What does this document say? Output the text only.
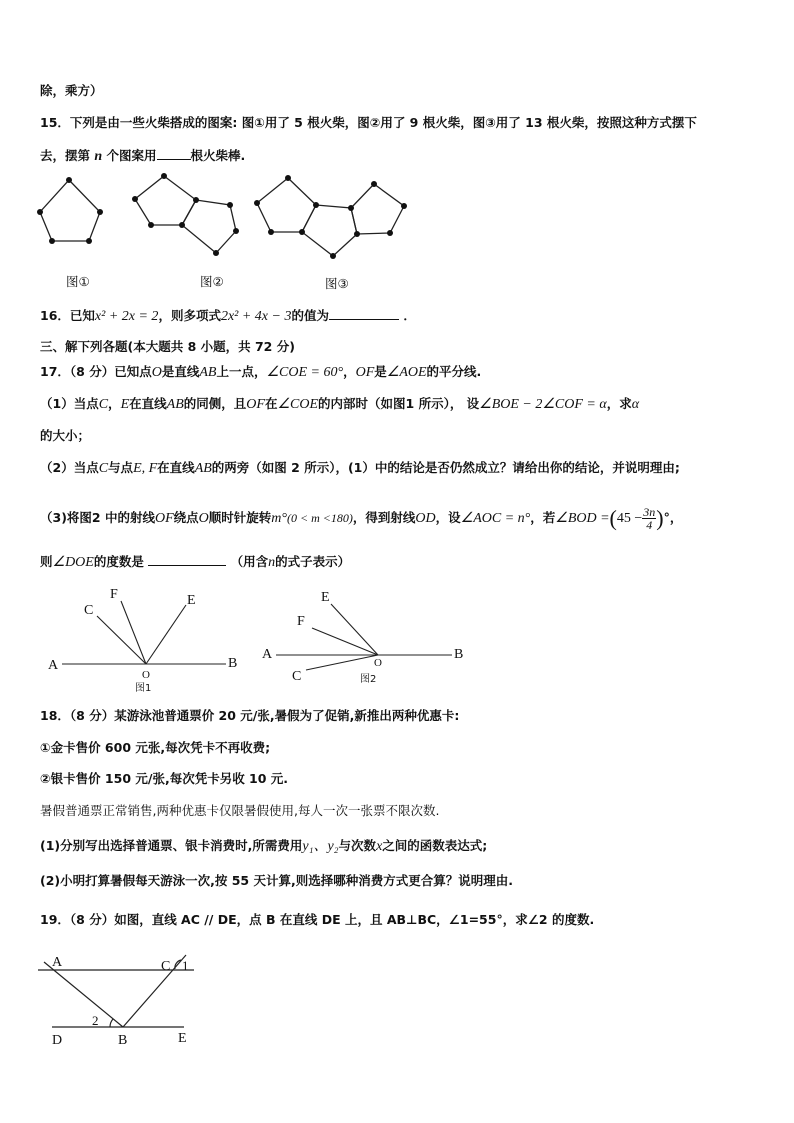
除，乘方）
15．下列是由一些火柴搭成的图案: 图①用了 5 根火柴，图②用了 9 根火柴，图③用了 13 根火柴，按照这种方式摆下
去，摆第 n 个图案用	根火柴棒.
图①	图②	图③
16．已知x² + 2x = 2，则多项式2x² + 4x − 3的值为	．
三、解下列各题(本大题共 8 小题，共 72 分)
17．（8 分）已知点O是直线AB上一点，∠COE = 60°，OF是∠AOE的平分线.
（1）当点C，E在直线AB的同侧，且OF在∠COE的内部时（如图1 所示）， 设∠BOE − 2∠COF = α，求α
的大小；
（2）当点C与点E, F在直线AB的两旁（如图 2 所示），(1）中的结论是否仍然成立？请给出你的结论，并说明理由;
（3)将图2 中的射线OF绕点O顺时针旋转m°(0 < m <180)，得到射线OD，设∠AOC = n°，若∠BOD $=(45 - \frac{3n}{4}$ )°，
则∠DOE的度数是	（用含n的式子表示）
A	B
C
F	E
O
图1
A	B
C
F
E
O
图2
18．（8 分）某游泳池普通票价 20 元/张,暑假为了促销,新推出两种优惠卡:
①金卡售价 600 元张,每次凭卡不再收费;
②银卡售价 150 元/张,每次凭卡另收 10 元.
暑假普通票正常销售,两种优惠卡仅限暑假使用,每人一次一张票不限次数.
(1)分别写出选择普通票、银卡消费时,所需费用y₁、y₂与次数x之间的函数表达式;
(2)小明打算暑假每天游泳一次,按 55 天计算,则选择哪种消费方式更合算？说明理由.
19．（8 分）如图，直线 AC // DE，点 B 在直线 DE 上，且 AB⊥BC，∠1=55°，求∠2 的度数.
A	C 1
2
D	B	E
